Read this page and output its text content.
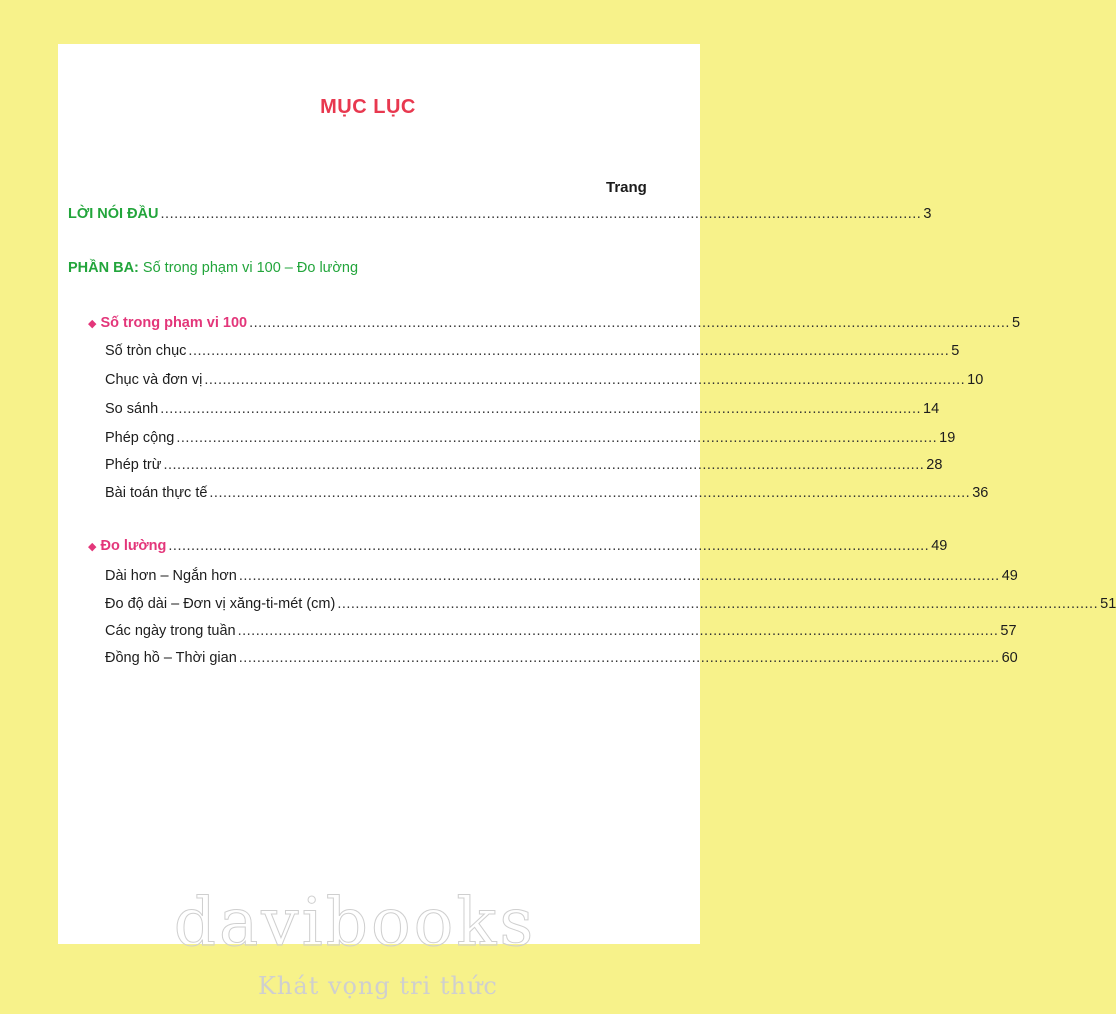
MỤC LỤC
Trang
LỜI NÓI ĐẦU ........................................................................................................................................................................ 3
PHẦN BA: Số trong phạm vi 100 – Đo lường
◆ Số trong phạm vi 100 ........................................................................................................................................................................ 5
Số tròn chục ........................................................................................................................................................................ 5
Chục và đơn vị ........................................................................................................................................................................ 10
So sánh ........................................................................................................................................................................ 14
Phép cộng ........................................................................................................................................................................ 19
Phép trừ ........................................................................................................................................................................ 28
Bài toán thực tế ........................................................................................................................................................................ 36
◆ Đo lường ........................................................................................................................................................................ 49
Dài hơn – Ngắn hơn ........................................................................................................................................................................ 49
Đo độ dài – Đơn vị xăng-ti-mét (cm) ........................................................................................................................................................................ 51
Các ngày trong tuần ........................................................................................................................................................................ 57
Đồng hồ – Thời gian ........................................................................................................................................................................ 60
davibooks
Khát vọng tri thức
